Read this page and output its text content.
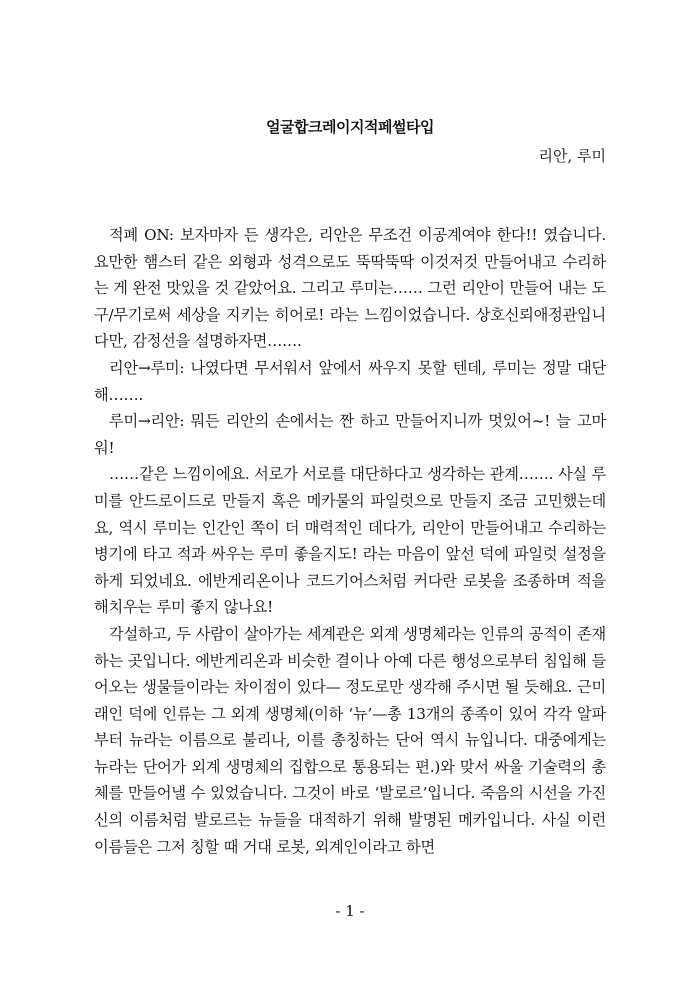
얼굴합크레이지적페썰타입

리안, 루미

적폐 ON: 보자마자 든 생각은, 리안은 무조건 이공계여야 한다!! 였습니다. 요만한 햄스터 같은 외형과 성격으로도 뚝딱뚝딱 이것저것 만들어내고 수리하는 게 완전 맛있을 것 같았어요. 그리고 루미는…… 그런 리안이 만들어 내는 도구/무기로써 세상을 지키는 히어로! 라는 느낌이었습니다. 상호신뢰애정관입니다만, 감정선을 설명하자면…….

리안→루미: 나였다면 무서워서 앞에서 싸우지 못할 텐데, 루미는 정말 대단해…….

루미→리안: 뭐든 리안의 손에서는 짠 하고 만들어지니까 멋있어~! 늘 고마워!

……같은 느낌이에요. 서로가 서로를 대단하다고 생각하는 관계……. 사실 루미를 안드로이드로 만들지 혹은 메카물의 파일럿으로 만들지 조금 고민했는데요, 역시 루미는 인간인 쪽이 더 매력적인 데다가, 리안이 만들어내고 수리하는 병기에 타고 적과 싸우는 루미 좋을지도! 라는 마음이 앞선 덕에 파일럿 설정을 하게 되었네요. 에반게리온이나 코드기어스처럼 커다란 로봇을 조종하며 적을 해치우는 루미 좋지 않나요!

각설하고, 두 사람이 살아가는 세계관은 외계 생명체라는 인류의 공적이 존재하는 곳입니다. 에반게리온과 비슷한 결이나 아예 다른 행성으로부터 침입해 들어오는 생물들이라는 차이점이 있다— 정도로만 생각해 주시면 될 듯해요. 근미래인 덕에 인류는 그 외계 생명체(이하 ‘뉴’—총 13개의 종족이 있어 각각 알파부터 뉴라는 이름으로 불리나, 이를 총칭하는 단어 역시 뉴입니다. 대중에게는 뉴라는 단어가 외계 생명체의 집합으로 통용되는 편.)와 맞서 싸울 기술력의 총체를 만들어낼 수 있었습니다. 그것이 바로 ‘발로르’입니다. 죽음의 시선을 가진 신의 이름처럼 발로르는 뉴들을 대적하기 위해 발명된 메카입니다. 사실 이런 이름들은 그저 칭할 때 거대 로봇, 외계인이라고 하면

- 1 -
